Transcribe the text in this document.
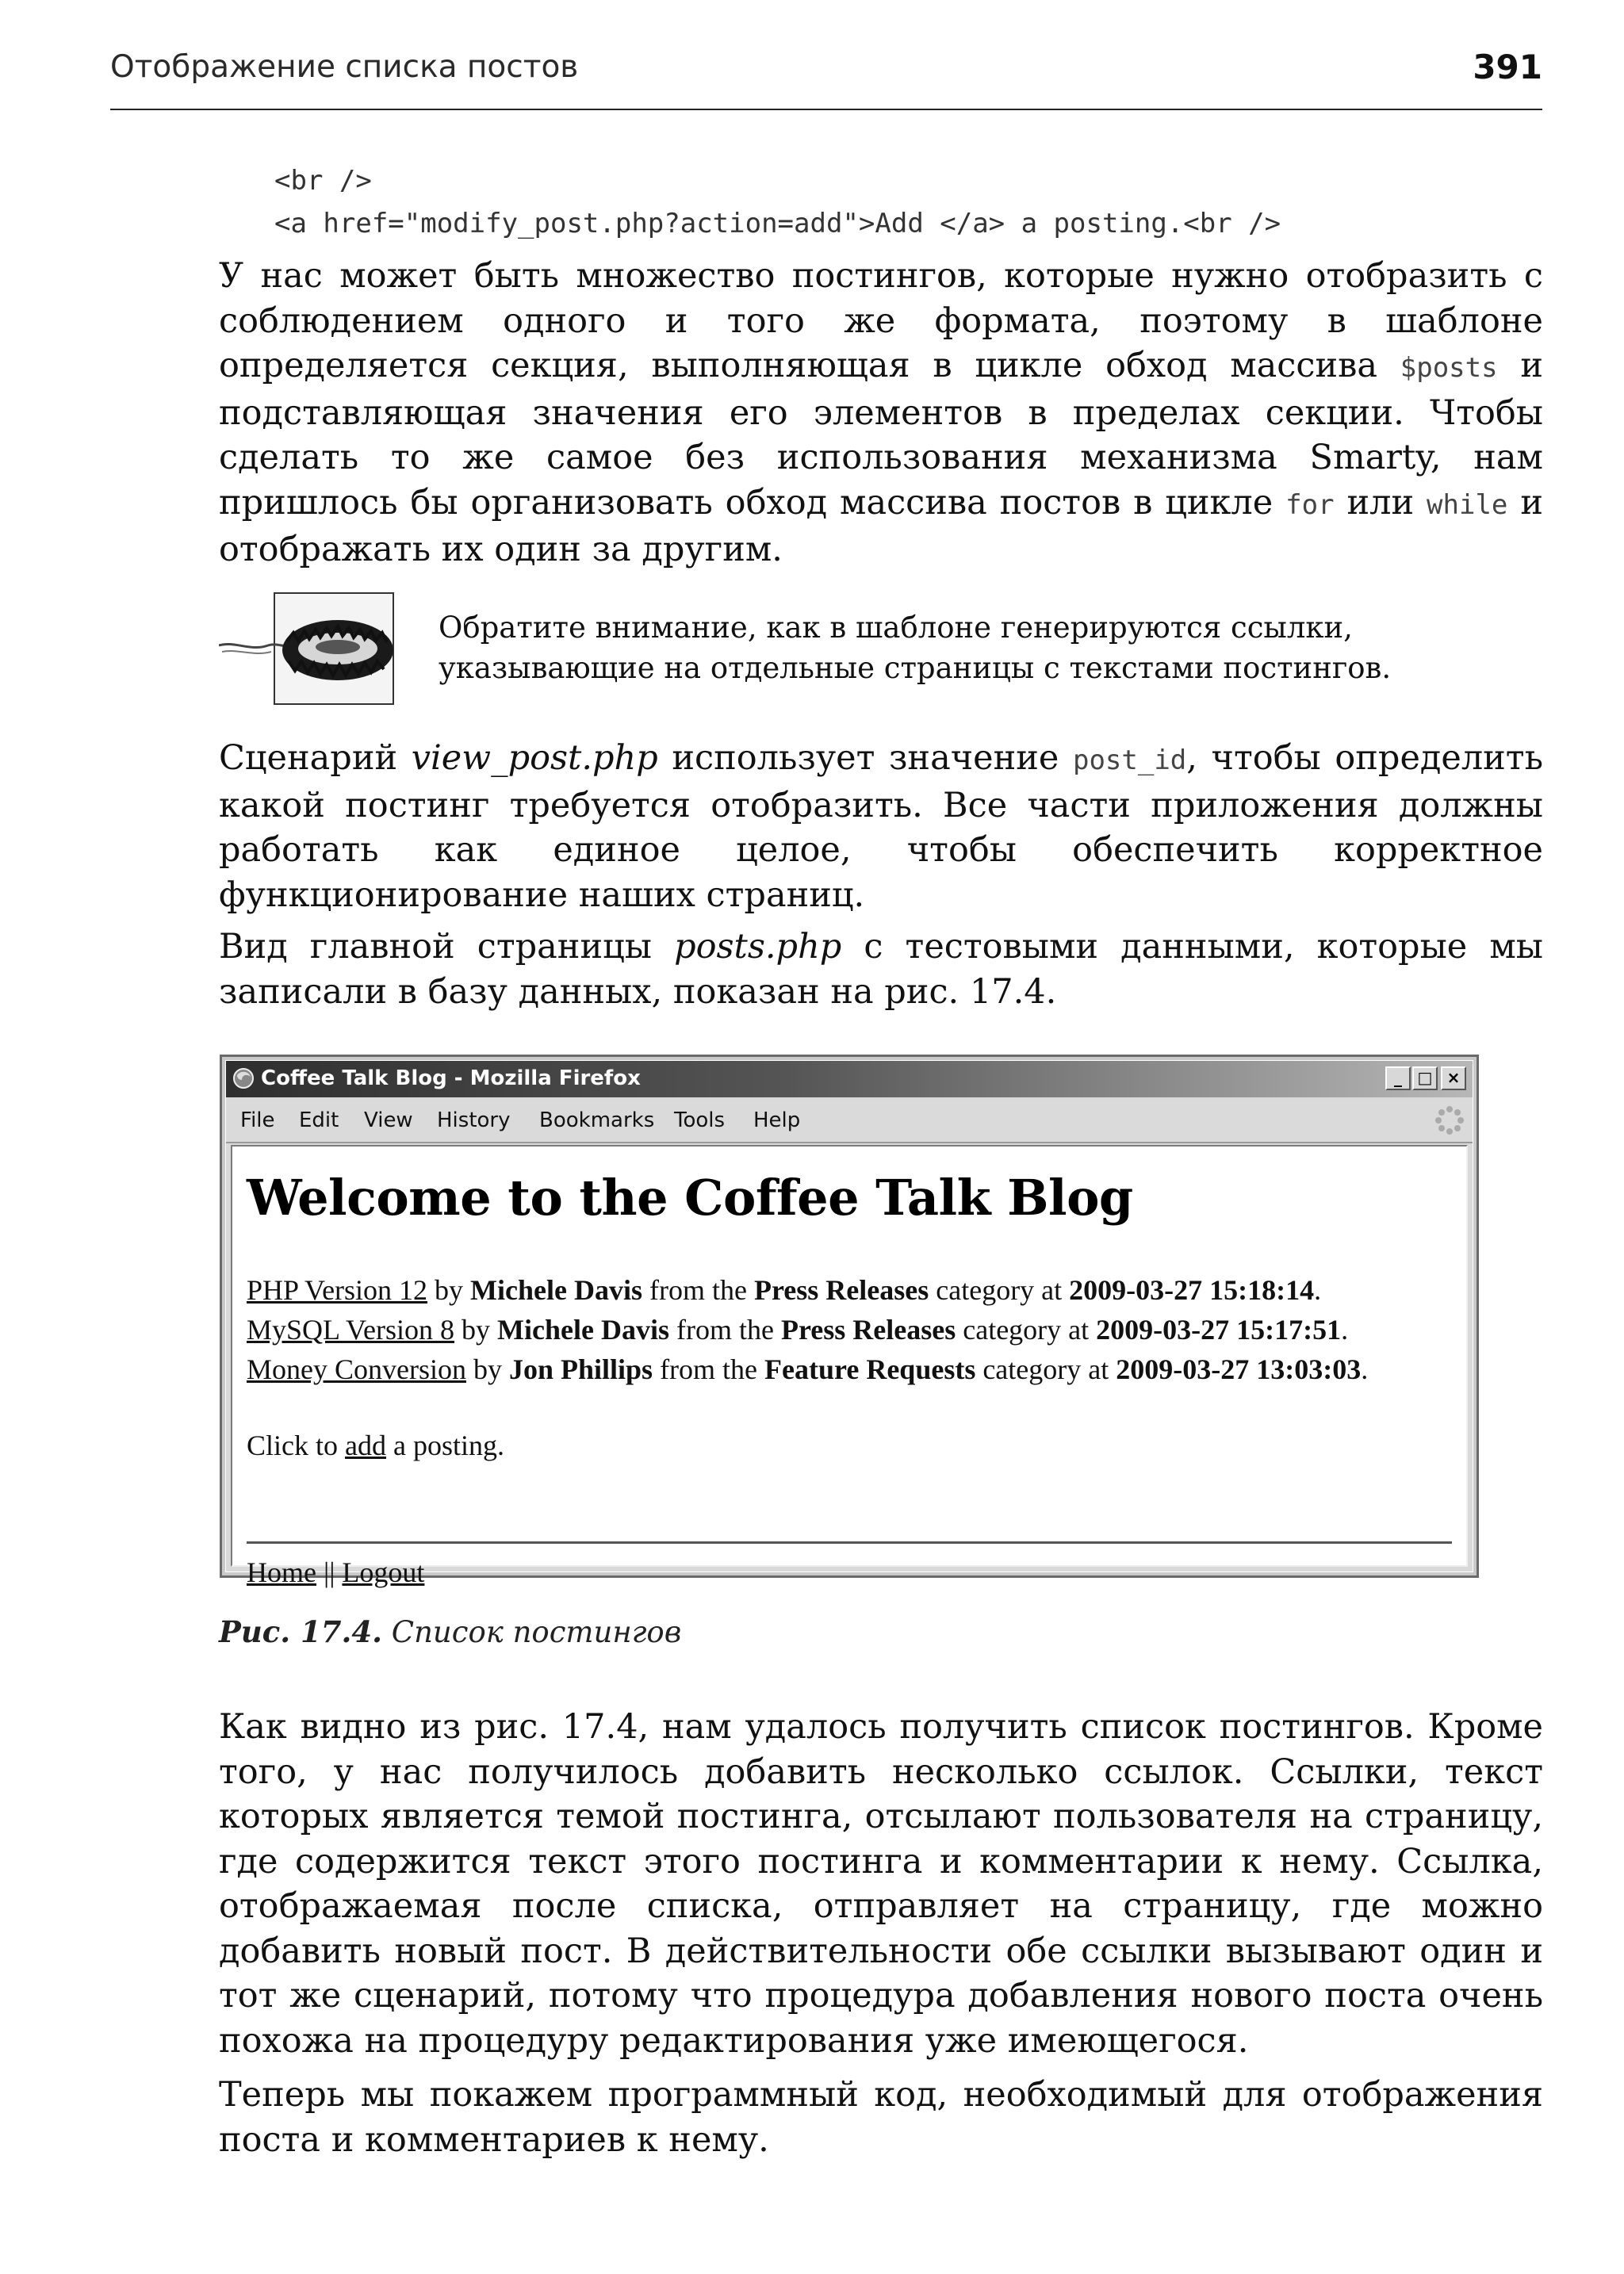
Отображение списка постов	391
<br />
<a href="modify_post.php?action=add">Add </a> a posting.<br />
У нас может быть множество постингов, которые нужно отобразить с соблюдением одного и того же формата, поэтому в шаблоне определяется секция, выполняющая в цикле обход массива $posts и подставляющая значения его элементов в пределах секции. Чтобы сделать то же самое без использования механизма Smarty, нам пришлось бы организовать обход массива постов в цикле for или while и отображать их один за другим.
Обратите внимание, как в шаблоне генерируются ссылки, указывающие на отдельные страницы с текстами постингов.
Сценарий view_post.php использует значение post_id, чтобы определить какой постинг требуется отобразить. Все части приложения должны работать как единое целое, чтобы обеспечить корректное функционирование наших страниц.
Вид главной страницы posts.php с тестовыми данными, которые мы записали в базу данных, показан на рис. 17.4.
Coffee Talk Blog - Mozilla Firefox	_ □ ×
File Edit View History Bookmarks Tools Help
Welcome to the Coffee Talk Blog
PHP Version 12 by Michele Davis from the Press Releases category at 2009-03-27 15:18:14.
MySQL Version 8 by Michele Davis from the Press Releases category at 2009-03-27 15:17:51.
Money Conversion by Jon Phillips from the Feature Requests category at 2009-03-27 13:03:03.
Click to add a posting.
Home || Logout
Рис. 17.4. Список постингов
Как видно из рис. 17.4, нам удалось получить список постингов. Кроме того, у нас получилось добавить несколько ссылок. Ссылки, текст которых является темой постинга, отсылают пользователя на страницу, где содержится текст этого постинга и комментарии к нему. Ссылка, отображаемая после списка, отправляет на страницу, где можно добавить новый пост. В действительности обе ссылки вызывают один и тот же сценарий, потому что процедура добавления нового поста очень похожа на процедуру редактирования уже имеющегося.
Теперь мы покажем программный код, необходимый для отображения поста и комментариев к нему.
